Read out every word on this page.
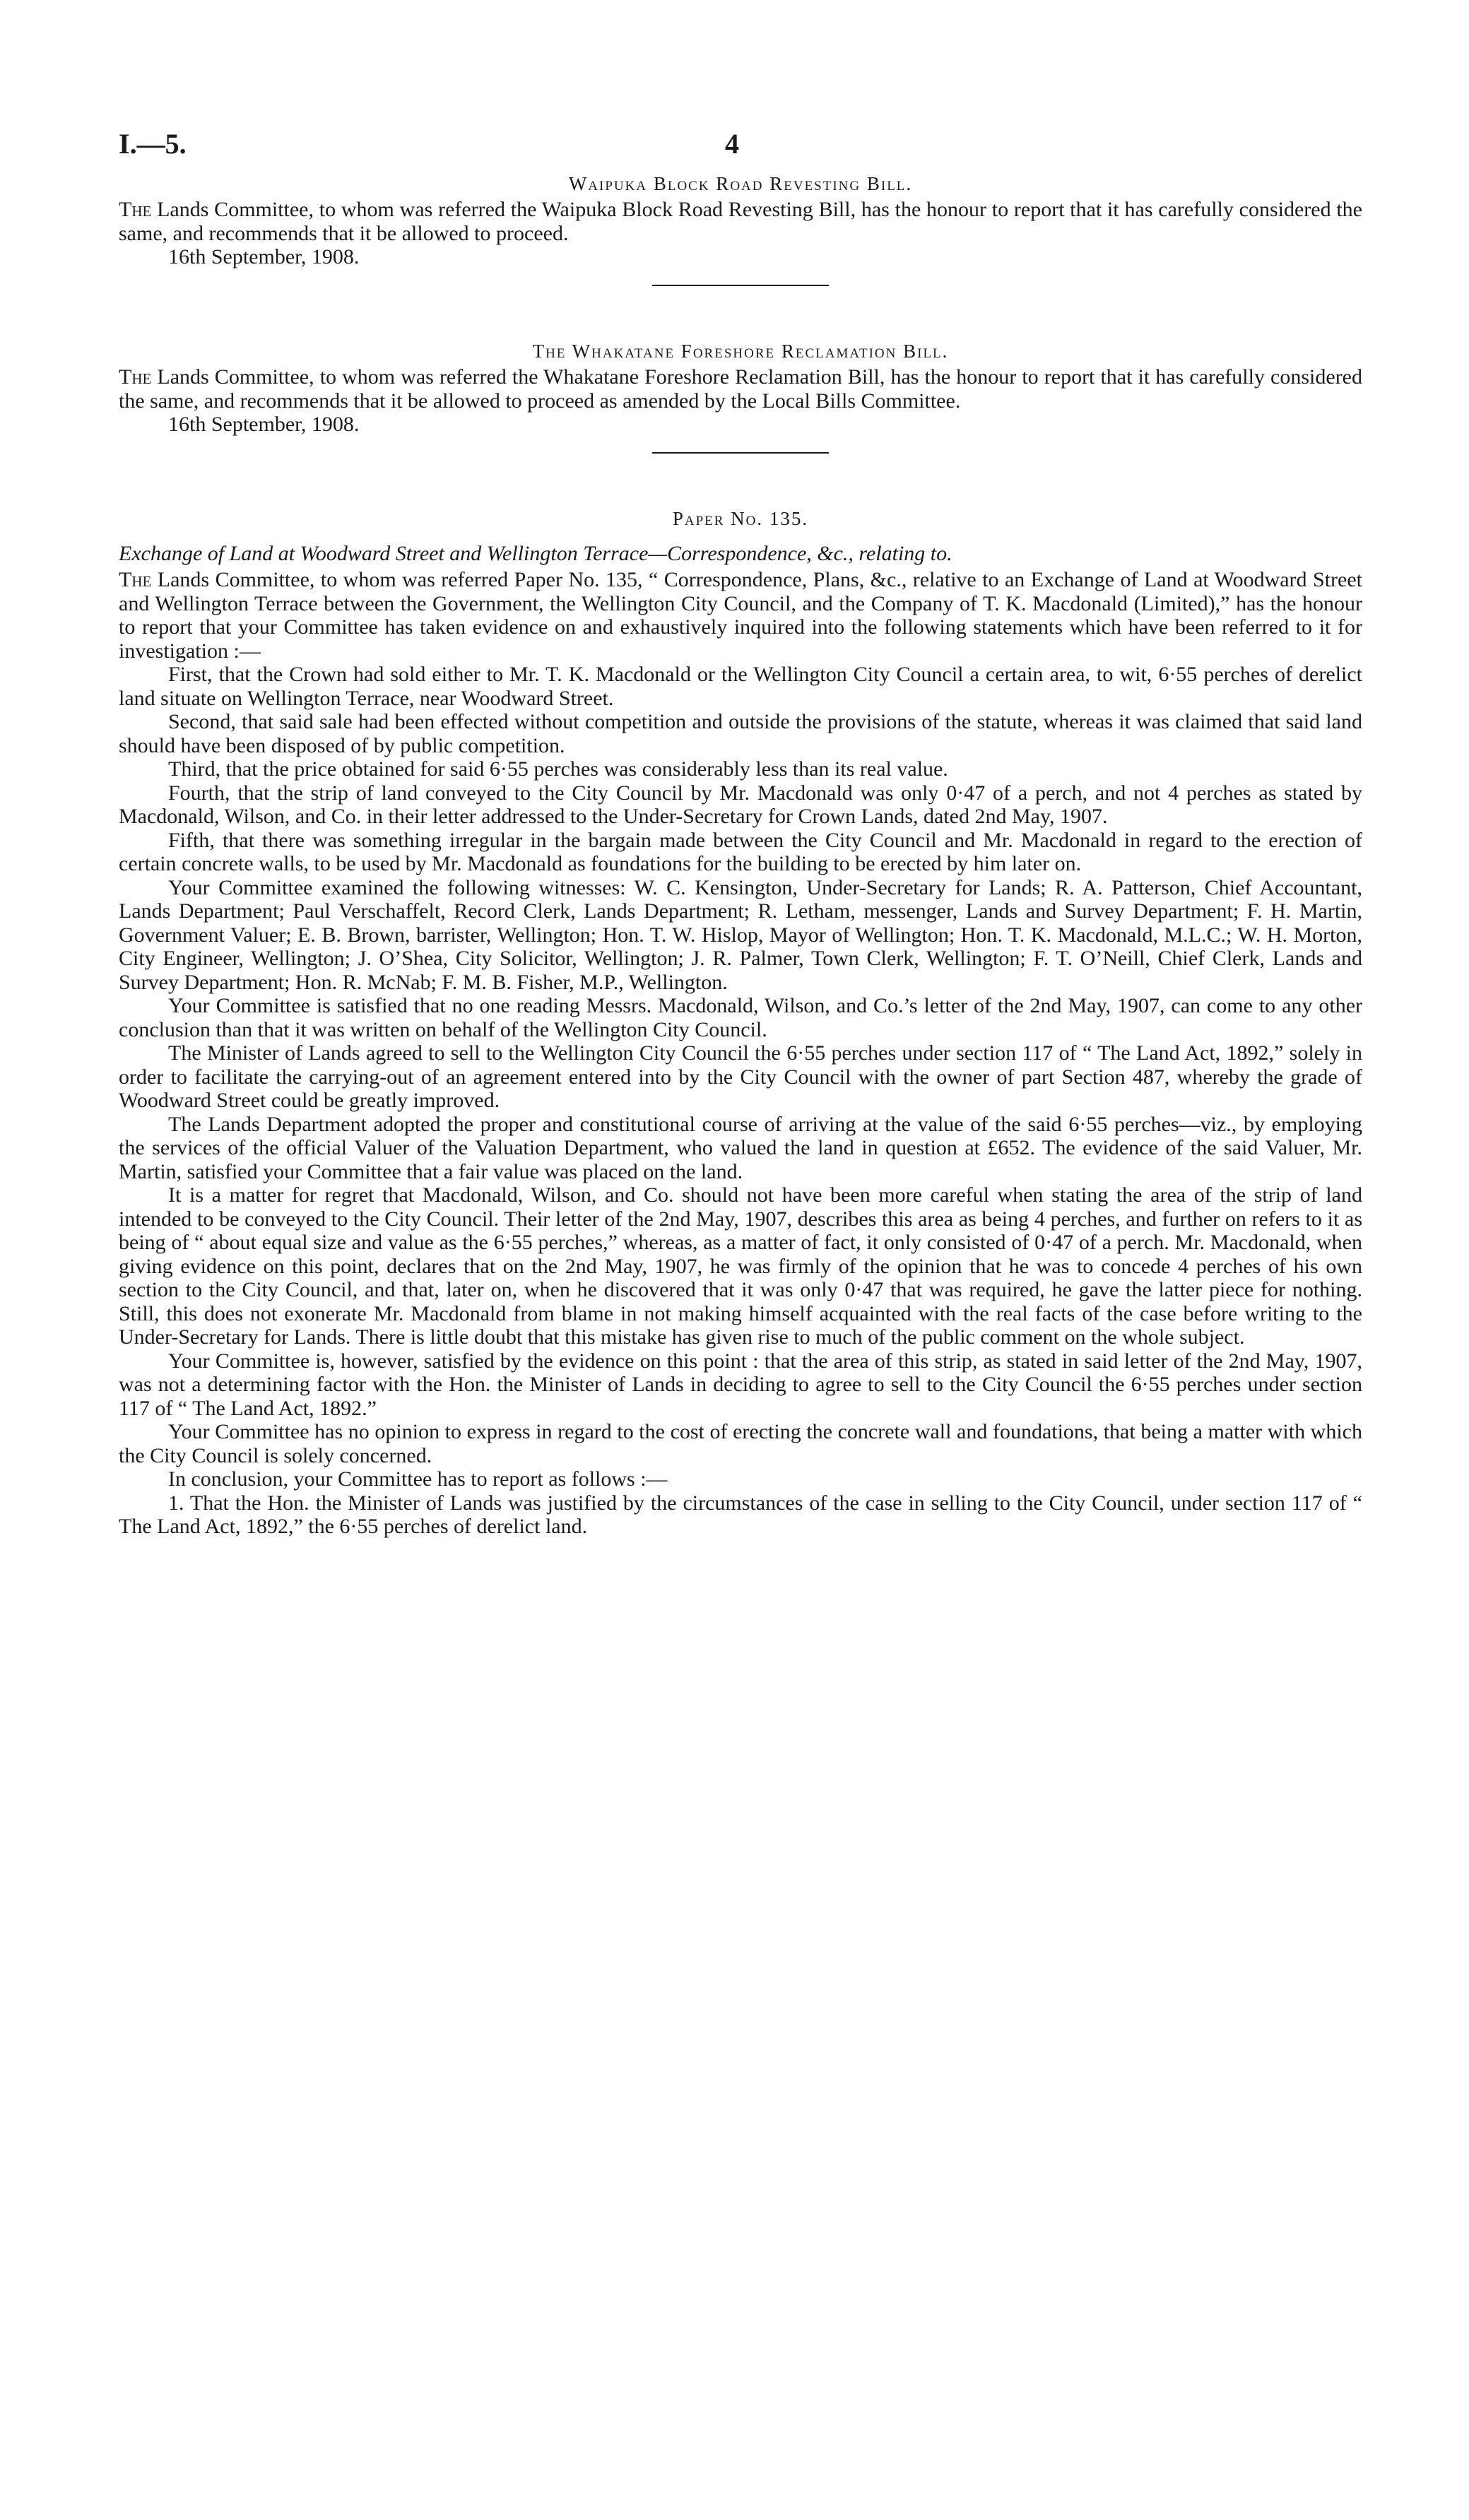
I.—5.	4

Waipuka Block Road Revesting Bill.

The Lands Committee, to whom was referred the Waipuka Block Road Revesting Bill, has the honour to report that it has carefully considered the same, and recommends that it be allowed to proceed.

16th September, 1908.

The Whakatane Foreshore Reclamation Bill.

The Lands Committee, to whom was referred the Whakatane Foreshore Reclamation Bill, has the honour to report that it has carefully considered the same, and recommends that it be allowed to proceed as amended by the Local Bills Committee.

16th September, 1908.

Paper No. 135.

Exchange of Land at Woodward Street and Wellington Terrace—Correspondence, &c., relating to.

The Lands Committee, to whom was referred Paper No. 135, “ Correspondence, Plans, &c., relative to an Exchange of Land at Woodward Street and Wellington Terrace between the Government, the Wellington City Council, and the Company of T. K. Macdonald (Limited),” has the honour to report that your Committee has taken evidence on and exhaustively inquired into the following statements which have been referred to it for investigation :—

First, that the Crown had sold either to Mr. T. K. Macdonald or the Wellington City Council a certain area, to wit, 6·55 perches of derelict land situate on Wellington Terrace, near Woodward Street.

Second, that said sale had been effected without competition and outside the provisions of the statute, whereas it was claimed that said land should have been disposed of by public competition.

Third, that the price obtained for said 6·55 perches was considerably less than its real value.

Fourth, that the strip of land conveyed to the City Council by Mr. Macdonald was only 0·47 of a perch, and not 4 perches as stated by Macdonald, Wilson, and Co. in their letter addressed to the Under-Secretary for Crown Lands, dated 2nd May, 1907.

Fifth, that there was something irregular in the bargain made between the City Council and Mr. Macdonald in regard to the erection of certain concrete walls, to be used by Mr. Macdonald as foundations for the building to be erected by him later on.

Your Committee examined the following witnesses: W. C. Kensington, Under-Secretary for Lands; R. A. Patterson, Chief Accountant, Lands Department; Paul Verschaffelt, Record Clerk, Lands Department; R. Letham, messenger, Lands and Survey Department; F. H. Martin, Government Valuer; E. B. Brown, barrister, Wellington; Hon. T. W. Hislop, Mayor of Wellington; Hon. T. K. Macdonald, M.L.C.; W. H. Morton, City Engineer, Wellington; J. O’Shea, City Solicitor, Wellington; J. R. Palmer, Town Clerk, Wellington; F. T. O’Neill, Chief Clerk, Lands and Survey Department; Hon. R. McNab; F. M. B. Fisher, M.P., Wellington.

Your Committee is satisfied that no one reading Messrs. Macdonald, Wilson, and Co.’s letter of the 2nd May, 1907, can come to any other conclusion than that it was written on behalf of the Wellington City Council.

The Minister of Lands agreed to sell to the Wellington City Council the 6·55 perches under section 117 of “ The Land Act, 1892,” solely in order to facilitate the carrying-out of an agreement entered into by the City Council with the owner of part Section 487, whereby the grade of Woodward Street could be greatly improved.

The Lands Department adopted the proper and constitutional course of arriving at the value of the said 6·55 perches—viz., by employing the services of the official Valuer of the Valuation Department, who valued the land in question at £652. The evidence of the said Valuer, Mr. Martin, satisfied your Committee that a fair value was placed on the land.

It is a matter for regret that Macdonald, Wilson, and Co. should not have been more careful when stating the area of the strip of land intended to be conveyed to the City Council. Their letter of the 2nd May, 1907, describes this area as being 4 perches, and further on refers to it as being of “ about equal size and value as the 6·55 perches,” whereas, as a matter of fact, it only consisted of 0·47 of a perch. Mr. Macdonald, when giving evidence on this point, declares that on the 2nd May, 1907, he was firmly of the opinion that he was to concede 4 perches of his own section to the City Council, and that, later on, when he discovered that it was only 0·47 that was required, he gave the latter piece for nothing. Still, this does not exonerate Mr. Macdonald from blame in not making himself acquainted with the real facts of the case before writing to the Under-Secretary for Lands. There is little doubt that this mistake has given rise to much of the public comment on the whole subject.

Your Committee is, however, satisfied by the evidence on this point : that the area of this strip, as stated in said letter of the 2nd May, 1907, was not a determining factor with the Hon. the Minister of Lands in deciding to agree to sell to the City Council the 6·55 perches under section 117 of “ The Land Act, 1892.”

Your Committee has no opinion to express in regard to the cost of erecting the concrete wall and foundations, that being a matter with which the City Council is solely concerned.

In conclusion, your Committee has to report as follows :—

1. That the Hon. the Minister of Lands was justified by the circumstances of the case in selling to the City Council, under section 117 of “ The Land Act, 1892,” the 6·55 perches of derelict land.
